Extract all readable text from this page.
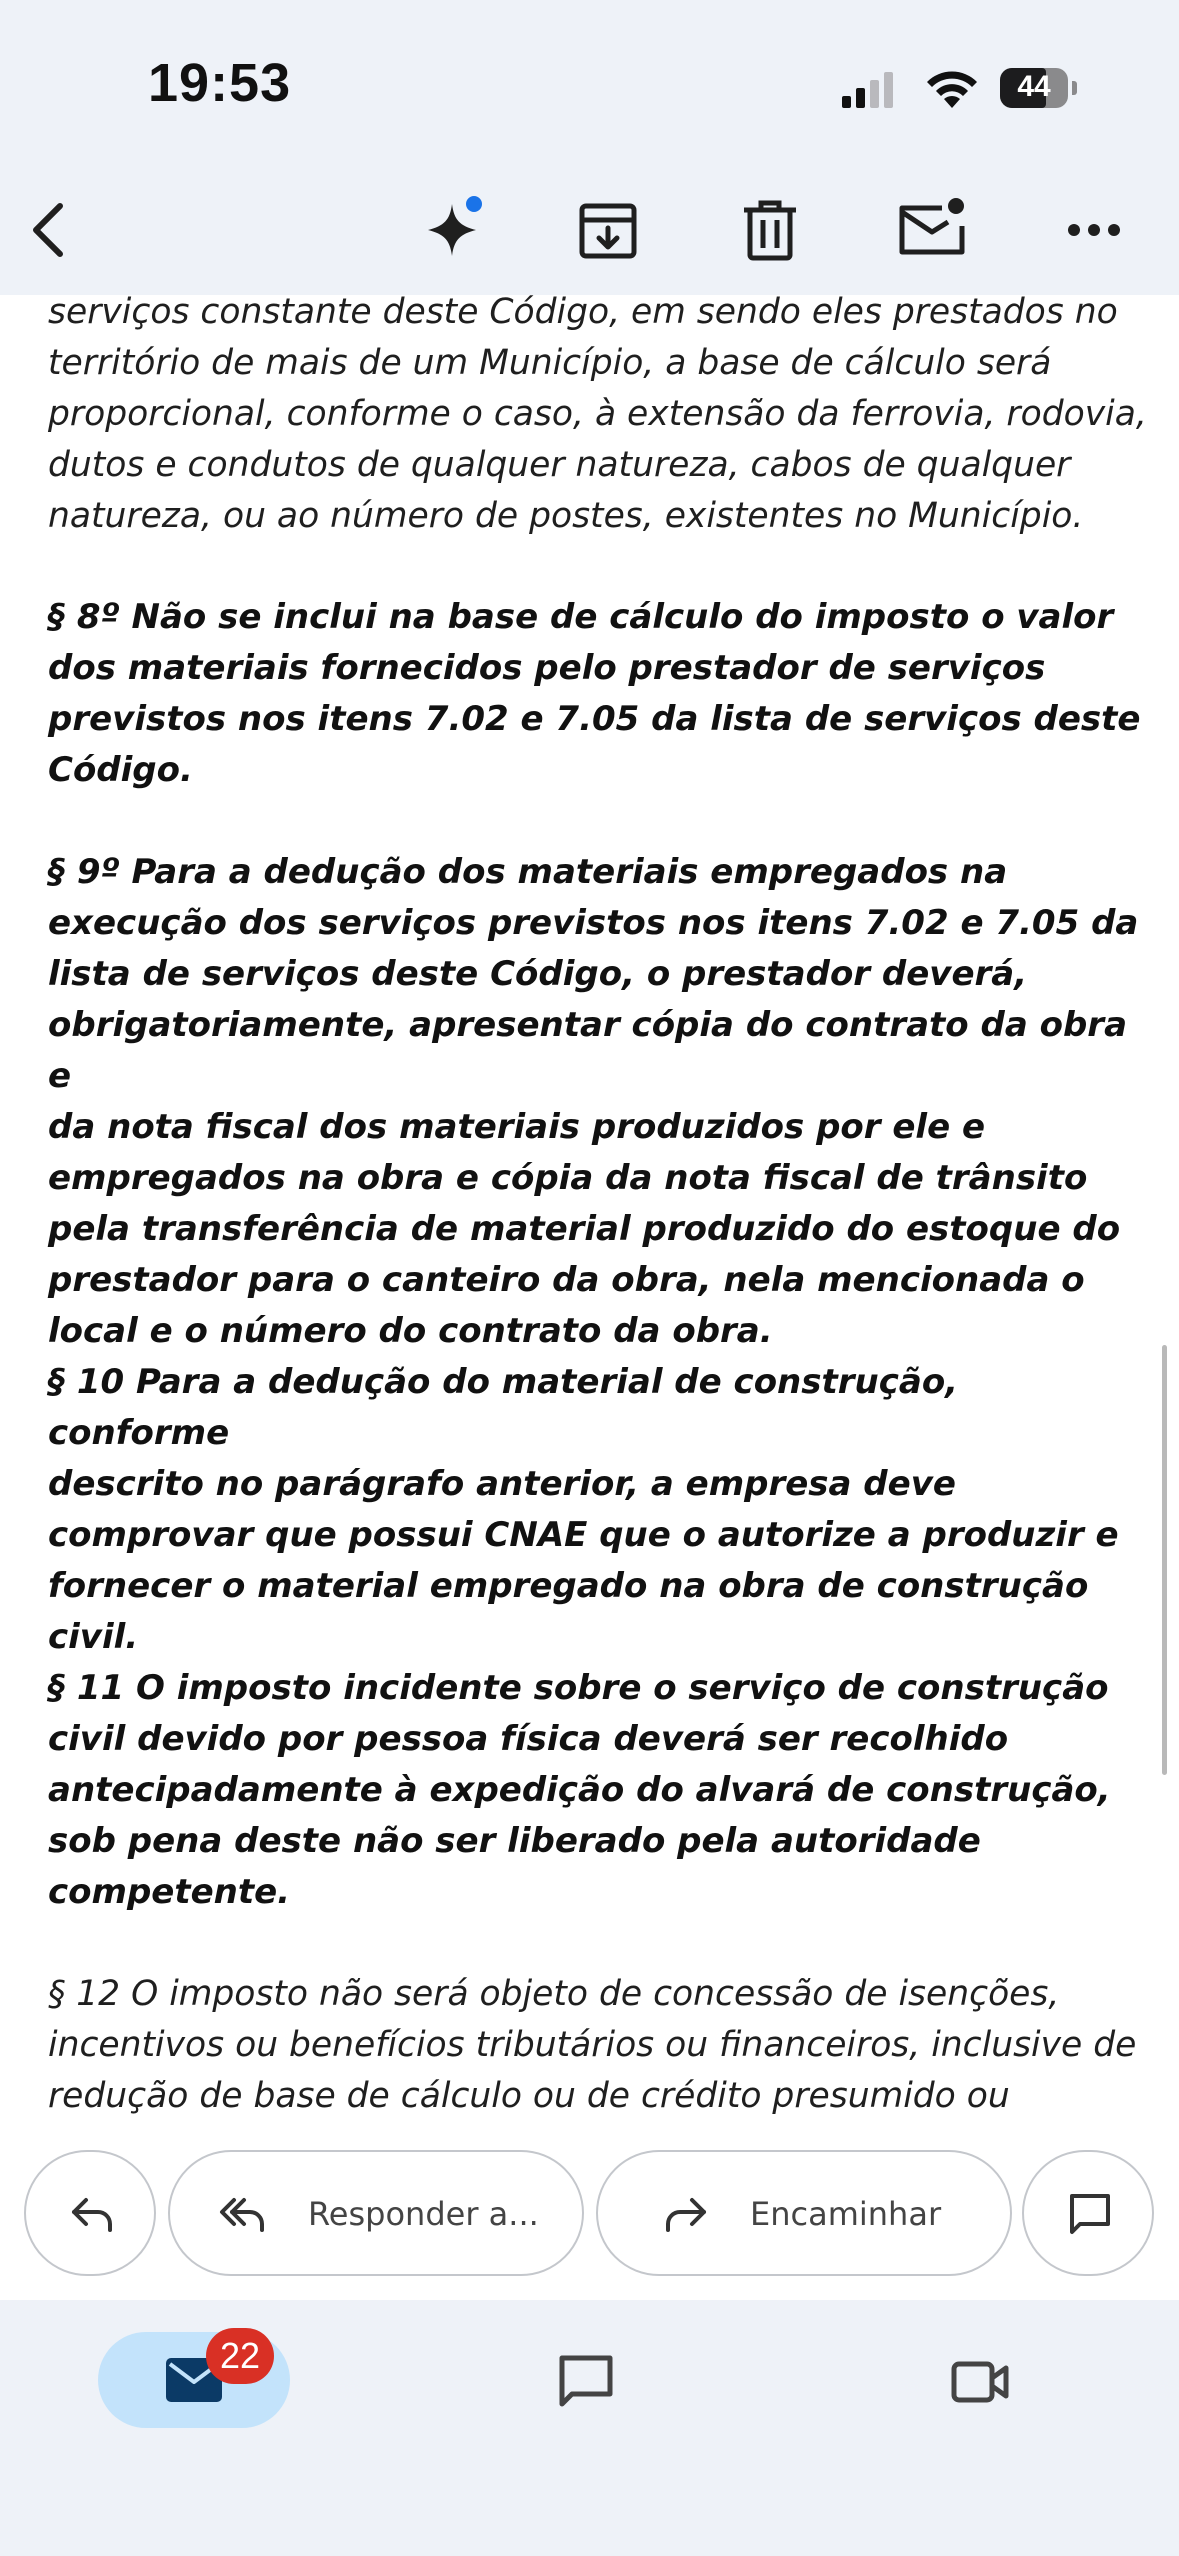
19:53	44

serviços constante deste Código, em sendo eles prestados no
território de mais de um Município, a base de cálculo será
proporcional, conforme o caso, à extensão da ferrovia, rodovia,
dutos e condutos de qualquer natureza, cabos de qualquer
natureza, ou ao número de postes, existentes no Município.

§ 8º Não se inclui na base de cálculo do imposto o valor
dos materiais fornecidos pelo prestador de serviços
previstos nos itens 7.02 e 7.05 da lista de serviços deste
Código.

§ 9º Para a dedução dos materiais empregados na
execução dos serviços previstos nos itens 7.02 e 7.05 da
lista de serviços deste Código, o prestador deverá,
obrigatoriamente, apresentar cópia do contrato da obra e
da nota fiscal dos materiais produzidos por ele e
empregados na obra e cópia da nota fiscal de trânsito
pela transferência de material produzido do estoque do
prestador para o canteiro da obra, nela mencionada o
local e o número do contrato da obra.

§ 10 Para a dedução do material de construção, conforme
descrito no parágrafo anterior, a empresa deve
comprovar que possui CNAE que o autorize a produzir e
fornecer o material empregado na obra de construção
civil.

§ 11 O imposto incidente sobre o serviço de construção
civil devido por pessoa física deverá ser recolhido
antecipadamente à expedição do alvará de construção,
sob pena deste não ser liberado pela autoridade
competente.

§ 12 O imposto não será objeto de concessão de isenções,
incentivos ou benefícios tributários ou financeiros, inclusive de
redução de base de cálculo ou de crédito presumido ou

Responder a...	Encaminhar
22
